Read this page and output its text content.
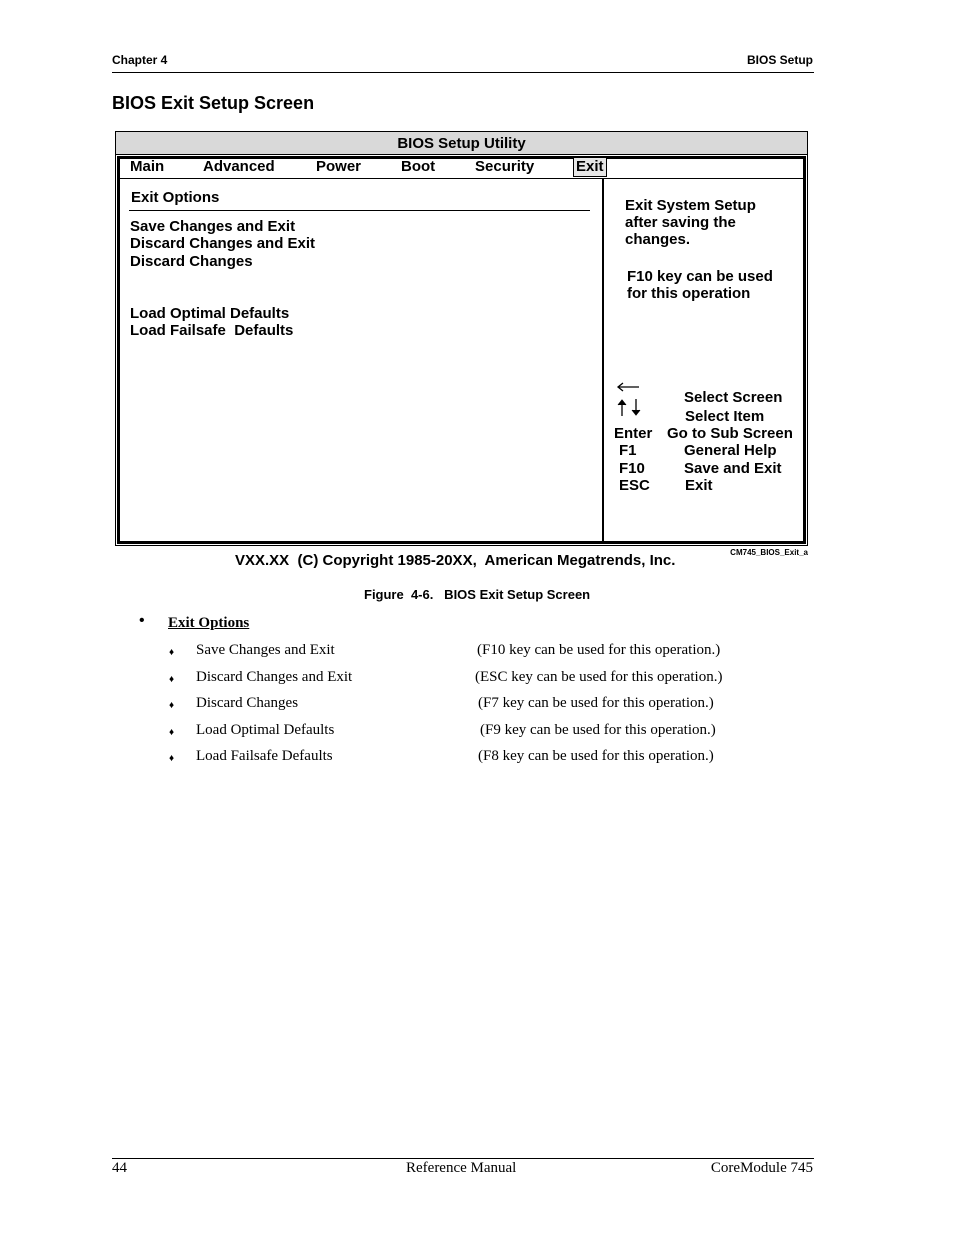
Chapter 4	BIOS Setup
BIOS Exit Setup Screen
BIOS Setup Utility
Main	Advanced	Power	Boot	Security	Exit
Exit Options
Save Changes and Exit
Discard Changes and Exit
Discard Changes
Load Optimal Defaults
Load Failsafe  Defaults
Exit System Setup
after saving the
changes.
F10 key can be used
for this operation
Select Screen
Select Item
Enter Go to Sub Screen
F1	General Help
F10	Save and Exit
ESC Exit
VXX.XX  (C) Copyright 1985-20XX,  American Megatrends, Inc.	CM745_BIOS_Exit_a
Figure  4-6.   BIOS Exit Setup Screen
• Exit Options
♦ Save Changes and Exit	(F10 key can be used for this operation.)
♦ Discard Changes and Exit	(ESC key can be used for this operation.)
♦ Discard Changes	(F7 key can be used for this operation.)
♦ Load Optimal Defaults	(F9 key can be used for this operation.)
♦ Load Failsafe Defaults	(F8 key can be used for this operation.)
44	Reference Manual	CoreModule 745
